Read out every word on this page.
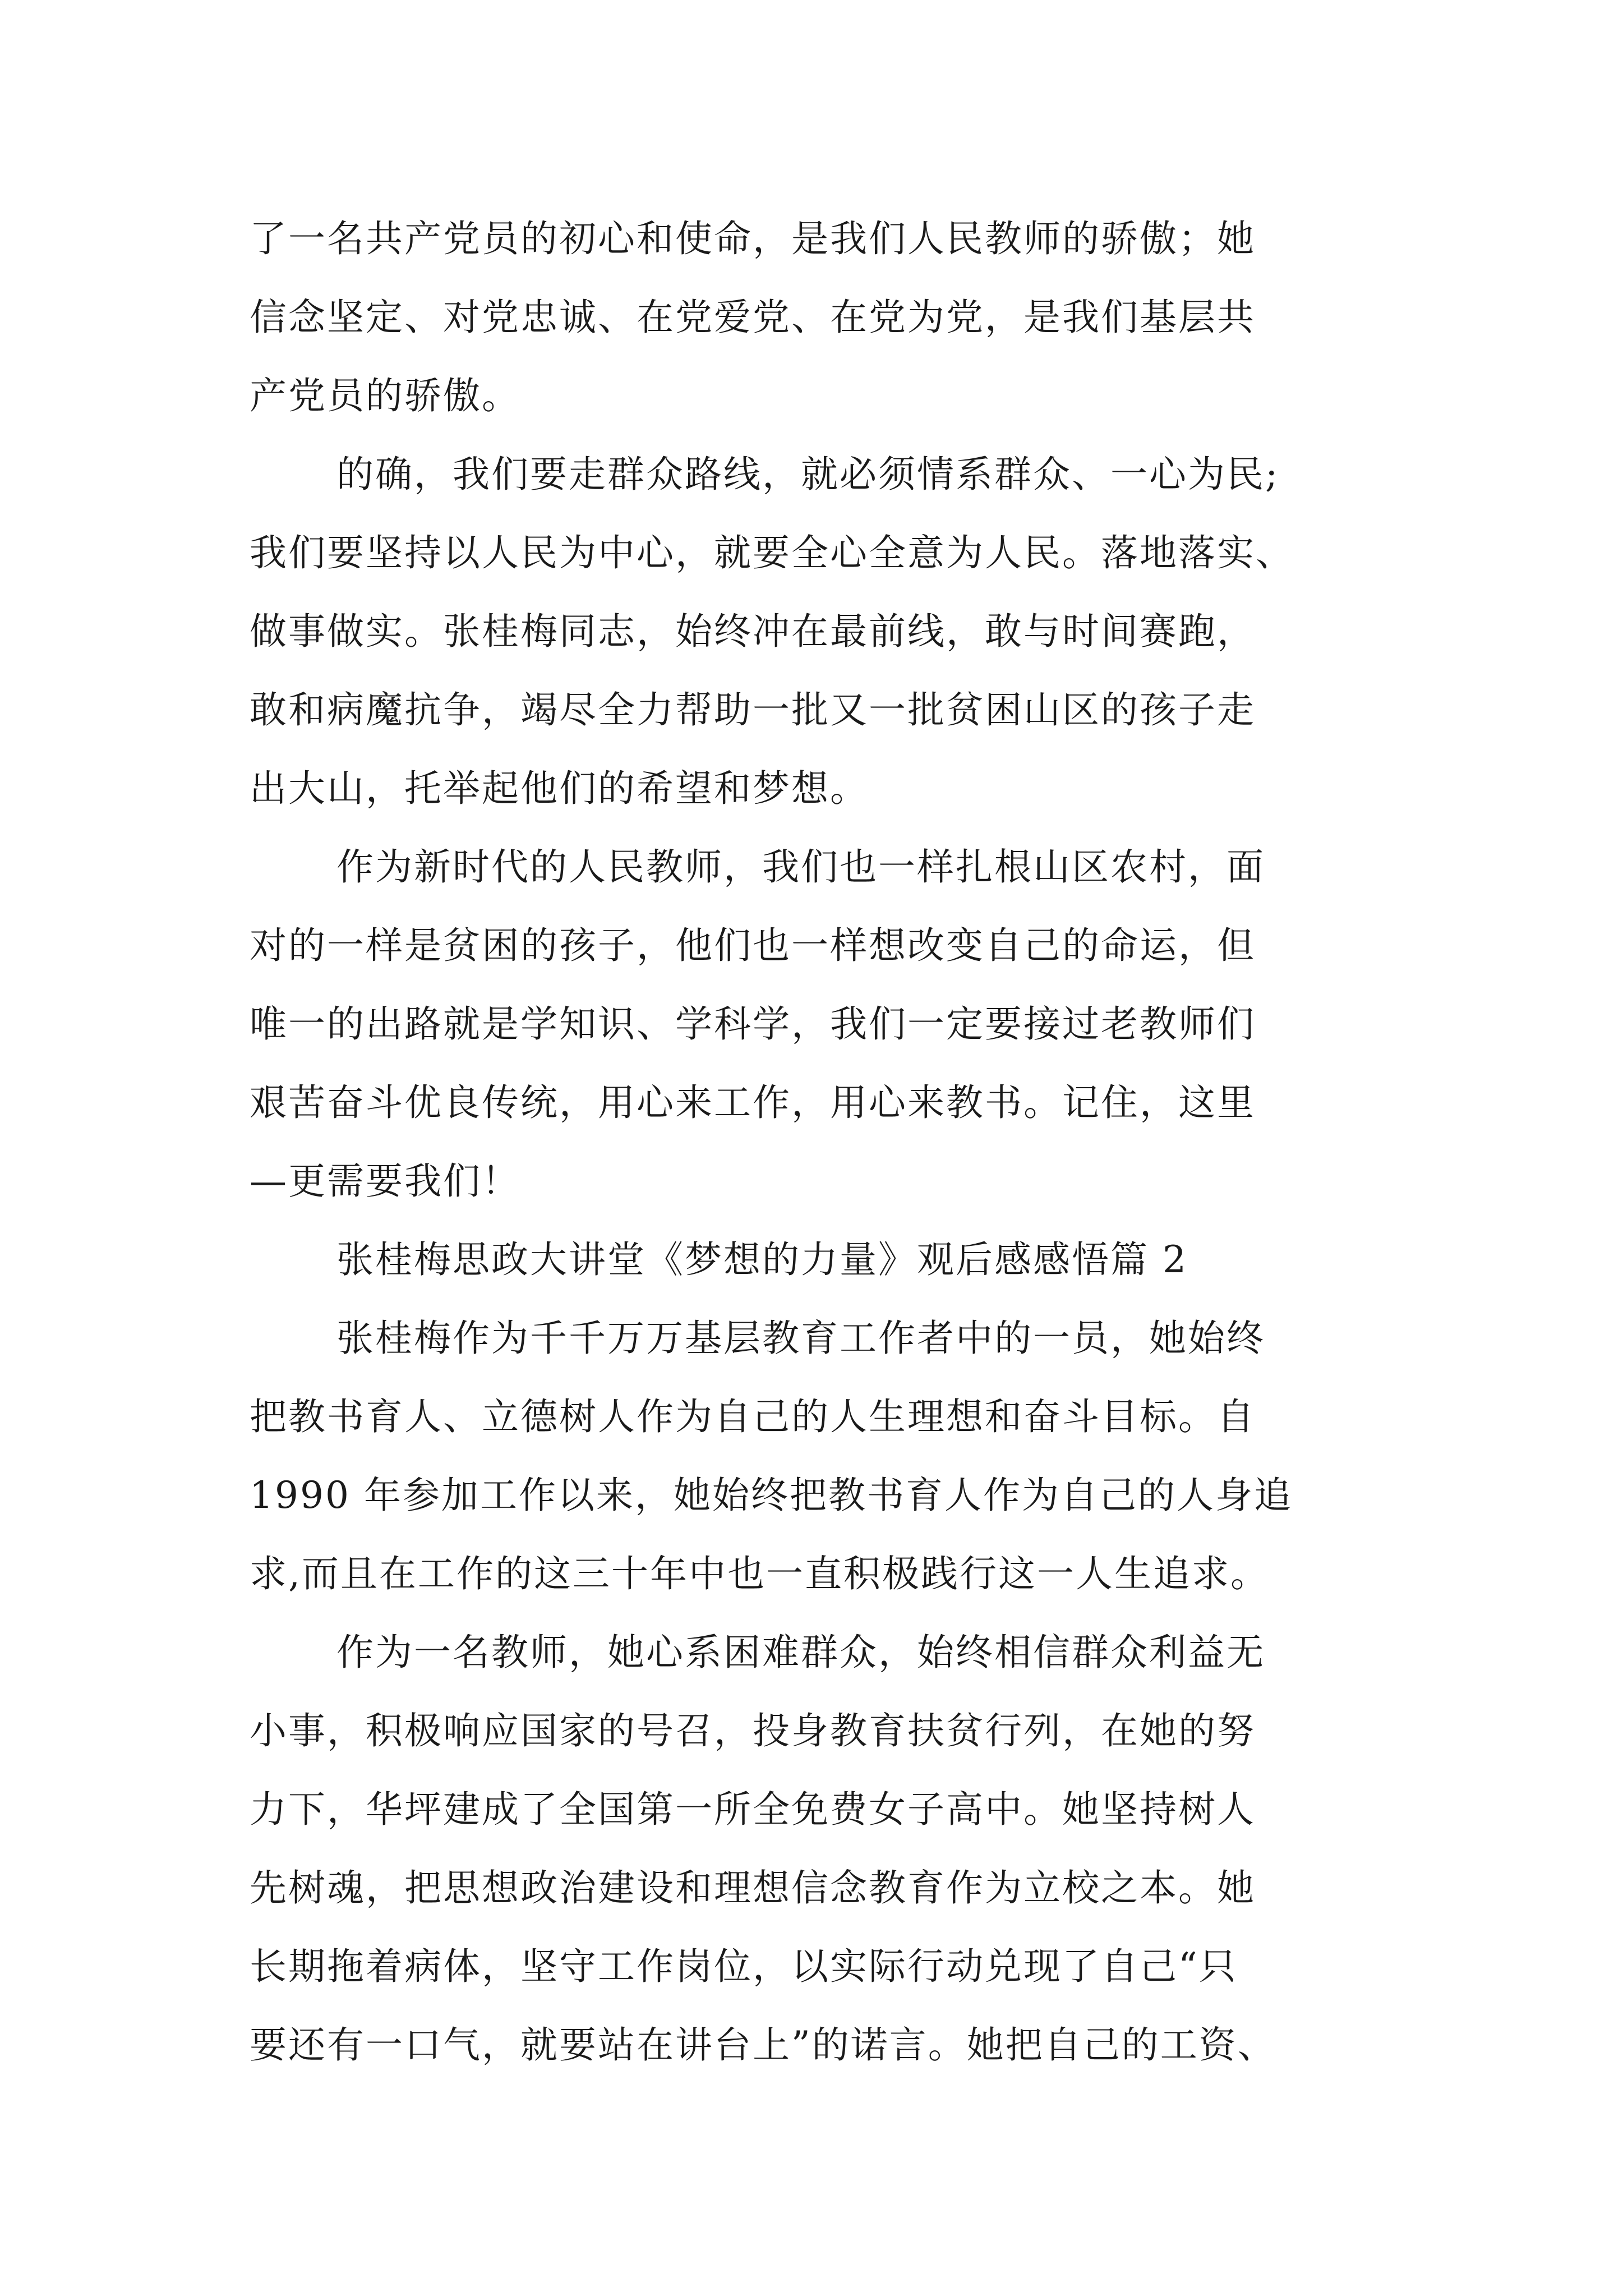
了一名共产党员的初心和使命，是我们人民教师的骄傲；她
信念坚定、对党忠诚、在党爱党、在党为党，是我们基层共
产党员的骄傲。
的确，我们要走群众路线，就必须情系群众、一心为民;
我们要坚持以人民为中心，就要全心全意为人民。落地落实、
做事做实。张桂梅同志，始终冲在最前线，敢与时间赛跑，
敢和病魔抗争，竭尽全力帮助一批又一批贫困山区的孩子走
出大山，托举起他们的希望和梦想。
作为新时代的人民教师，我们也一样扎根山区农村，面
对的一样是贫困的孩子，他们也一样想改变自己的命运，但
唯一的出路就是学知识、学科学，我们一定要接过老教师们
艰苦奋斗优良传统，用心来工作，用心来教书。记住，这里
—更需要我们！
张桂梅思政大讲堂《梦想的力量》观后感感悟篇 2
张桂梅作为千千万万基层教育工作者中的一员，她始终
把教书育人、立德树人作为自己的人生理想和奋斗目标。自
1990 年参加工作以来，她始终把教书育人作为自己的人身追
求,而且在工作的这三十年中也一直积极践行这一人生追求。
作为一名教师，她心系困难群众，始终相信群众利益无
小事，积极响应国家的号召，投身教育扶贫行列，在她的努
力下，华坪建成了全国第一所全免费女子高中。她坚持树人
先树魂，把思想政治建设和理想信念教育作为立校之本。她
长期拖着病体，坚守工作岗位，以实际行动兑现了自己“只
要还有一口气，就要站在讲台上”的诺言。她把自己的工资、
